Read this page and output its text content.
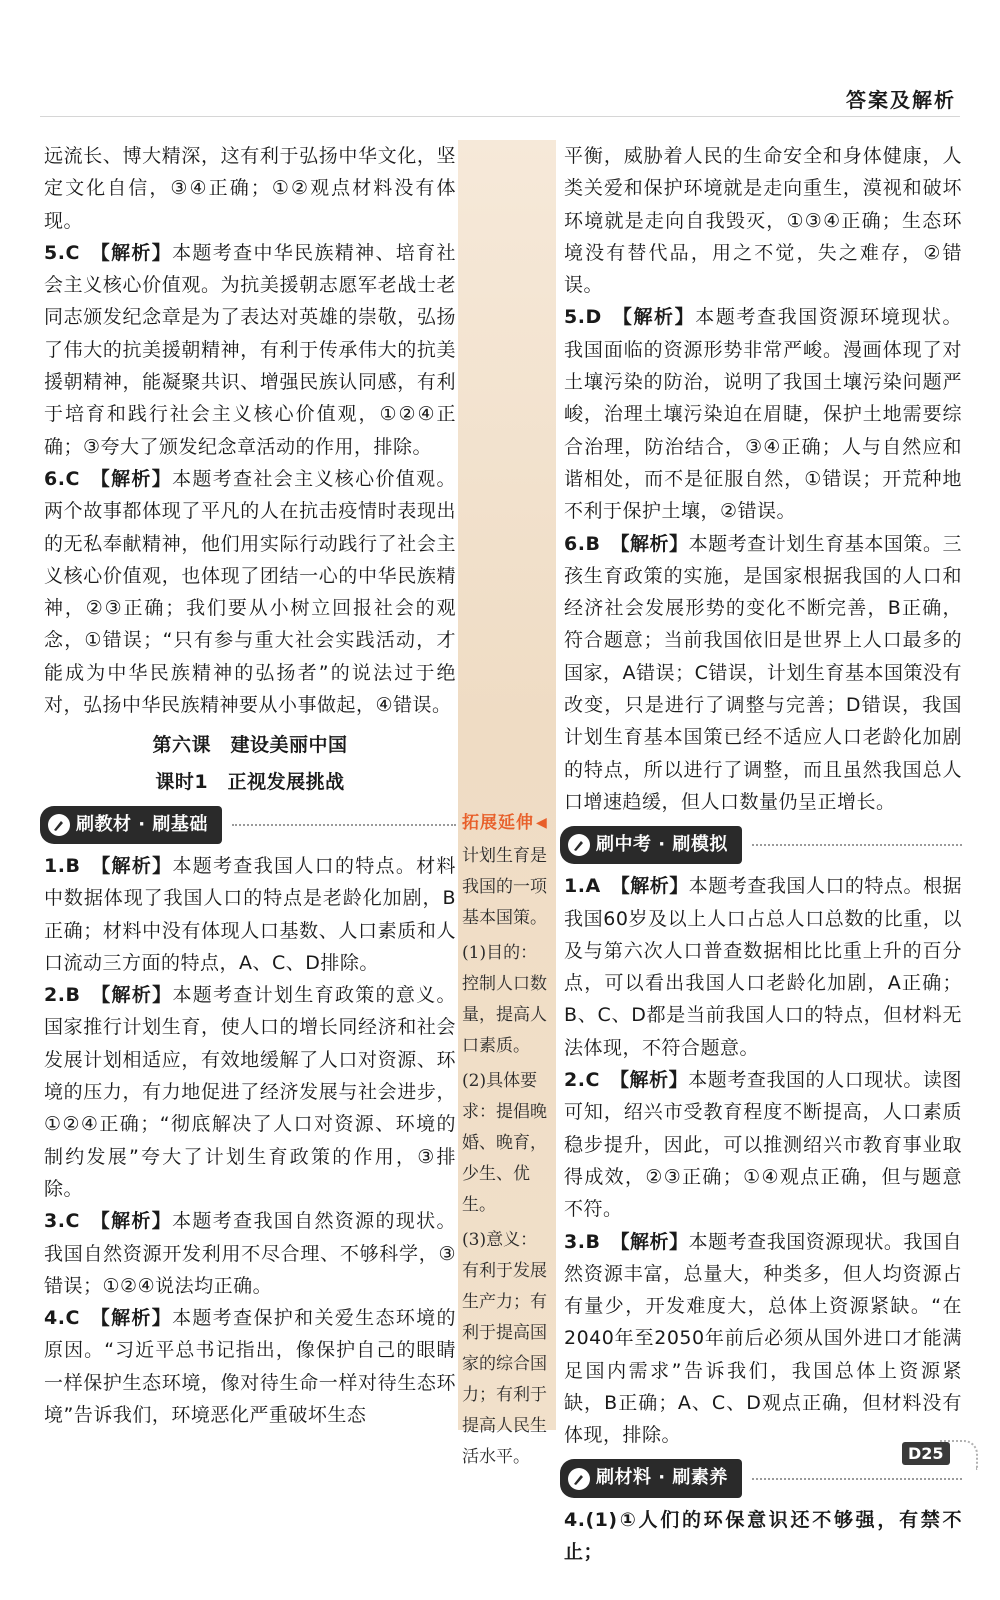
答案及解析

远流长、博大精深，这有利于弘扬中华文化，坚定文化自信，③④正确；①②观点材料没有体现。

5.C 【解析】本题考查中华民族精神、培育社会主义核心价值观。为抗美援朝志愿军老战士老同志颁发纪念章是为了表达对英雄的崇敬，弘扬了伟大的抗美援朝精神，有利于传承伟大的抗美援朝精神，能凝聚共识、增强民族认同感，有利于培育和践行社会主义核心价值观，①②④正确；③夸大了颁发纪念章活动的作用，排除。

6.C 【解析】本题考查社会主义核心价值观。两个故事都体现了平凡的人在抗击疫情时表现出的无私奉献精神，他们用实际行动践行了社会主义核心价值观，也体现了团结一心的中华民族精神，②③正确；我们要从小树立回报社会的观念，①错误；“只有参与重大社会实践活动，才能成为中华民族精神的弘扬者”的说法过于绝对，弘扬中华民族精神要从小事做起，④错误。

第六课　建设美丽中国
课时1　正视发展挑战
刷教材 · 刷基础

1.B 【解析】本题考查我国人口的特点。材料中数据体现了我国人口的特点是老龄化加剧，B正确；材料中没有体现人口基数、人口素质和人口流动三方面的特点，A、C、D排除。

2.B 【解析】本题考查计划生育政策的意义。国家推行计划生育，使人口的增长同经济和社会发展计划相适应，有效地缓解了人口对资源、环境的压力，有力地促进了经济发展与社会进步，①②④正确；“彻底解决了人口对资源、环境的制约发展”夸大了计划生育政策的作用，③排除。

3.C 【解析】本题考查我国自然资源的现状。我国自然资源开发利用不尽合理、不够科学，③错误；①②④说法均正确。

4.C 【解析】本题考查保护和关爱生态环境的原因。“习近平总书记指出，像保护自己的眼睛一样保护生态环境，像对待生命一样对待生态环境”告诉我们，环境恶化严重破坏生态

拓展延伸 ◀

计划生育是我国的一项基本国策。

(1)目的：控制人口数量，提高人口素质。

(2)具体要求：提倡晚婚、晚育，少生、优生。

(3)意义：有利于发展生产力；有利于提高国家的综合国力；有利于提高人民生活水平。

平衡，威胁着人民的生命安全和身体健康，人类关爱和保护环境就是走向重生，漠视和破坏环境就是走向自我毁灭，①③④正确；生态环境没有替代品，用之不觉，失之难存，②错误。

5.D 【解析】本题考查我国资源环境现状。我国面临的资源形势非常严峻。漫画体现了对土壤污染的防治，说明了我国土壤污染问题严峻，治理土壤污染迫在眉睫，保护土地需要综合治理，防治结合，③④正确；人与自然应和谐相处，而不是征服自然，①错误；开荒种地不利于保护土壤，②错误。

6.B 【解析】本题考查计划生育基本国策。三孩生育政策的实施，是国家根据我国的人口和经济社会发展形势的变化不断完善，B正确，符合题意；当前我国依旧是世界上人口最多的国家，A错误；C错误，计划生育基本国策没有改变，只是进行了调整与完善；D错误，我国计划生育基本国策已经不适应人口老龄化加剧的特点，所以进行了调整，而且虽然我国总人口增速趋缓，但人口数量仍呈正增长。

刷中考 · 刷模拟

1.A 【解析】本题考查我国人口的特点。根据我国60岁及以上人口占总人口总数的比重，以及与第六次人口普查数据相比比重上升的百分点，可以看出我国人口老龄化加剧，A正确；B、C、D都是当前我国人口的特点，但材料无法体现，不符合题意。

2.C 【解析】本题考查我国的人口现状。读图可知，绍兴市受教育程度不断提高，人口素质稳步提升，因此，可以推测绍兴市教育事业取得成效，②③正确；①④观点正确，但与题意不符。

3.B 【解析】本题考查我国资源现状。我国自然资源丰富，总量大，种类多，但人均资源占有量少，开发难度大，总体上资源紧缺。“在2040年至2050年前后必须从国外进口才能满足国内需求”告诉我们，我国总体上资源紧缺，B正确；A、C、D观点正确，但材料没有体现，排除。

刷材料 · 刷素养

4.(1)①人们的环保意识还不够强，有禁不止；

D25
